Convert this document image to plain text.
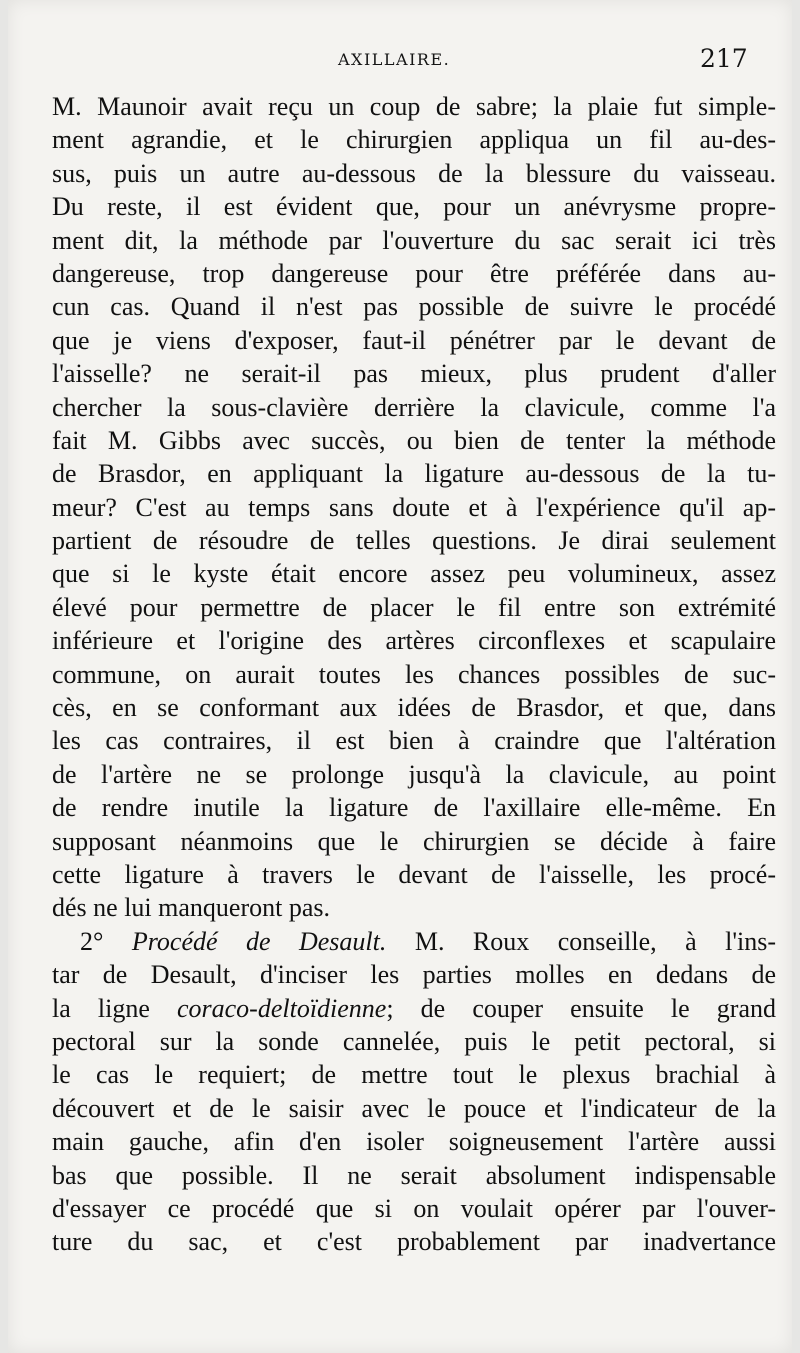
AXILLAIRE.	217
M. Maunoir avait reçu un coup de sabre; la plaie fut simple-
ment agrandie, et le chirurgien appliqua un fil au-des-
sus, puis un autre au-dessous de la blessure du vaisseau.
Du reste, il est évident que, pour un anévrysme propre-
ment dit, la méthode par l'ouverture du sac serait ici très
dangereuse, trop dangereuse pour être préférée dans au-
cun cas. Quand il n'est pas possible de suivre le procédé
que je viens d'exposer, faut-il pénétrer par le devant de
l'aisselle? ne serait-il pas mieux, plus prudent d'aller
chercher la sous-clavière derrière la clavicule, comme l'a
fait M. Gibbs avec succès, ou bien de tenter la méthode
de Brasdor, en appliquant la ligature au-dessous de la tu-
meur? C'est au temps sans doute et à l'expérience qu'il ap-
partient de résoudre de telles questions. Je dirai seulement
que si le kyste était encore assez peu volumineux, assez
élevé pour permettre de placer le fil entre son extrémité
inférieure et l'origine des artères circonflexes et scapulaire
commune, on aurait toutes les chances possibles de suc-
cès, en se conformant aux idées de Brasdor, et que, dans
les cas contraires, il est bien à craindre que l'altération
de l'artère ne se prolonge jusqu'à la clavicule, au point
de rendre inutile la ligature de l'axillaire elle-même. En
supposant néanmoins que le chirurgien se décide à faire
cette ligature à travers le devant de l'aisselle, les procé-
dés ne lui manqueront pas.
2° Procédé de Desault. M. Roux conseille, à l'ins-
tar de Desault, d'inciser les parties molles en dedans de
la ligne coraco-deltoïdienne; de couper ensuite le grand
pectoral sur la sonde cannelée, puis le petit pectoral, si
le cas le requiert; de mettre tout le plexus brachial à
découvert et de le saisir avec le pouce et l'indicateur de la
main gauche, afin d'en isoler soigneusement l'artère aussi
bas que possible. Il ne serait absolument indispensable
d'essayer ce procédé que si on voulait opérer par l'ouver-
ture du sac, et c'est probablement par inadvertance
